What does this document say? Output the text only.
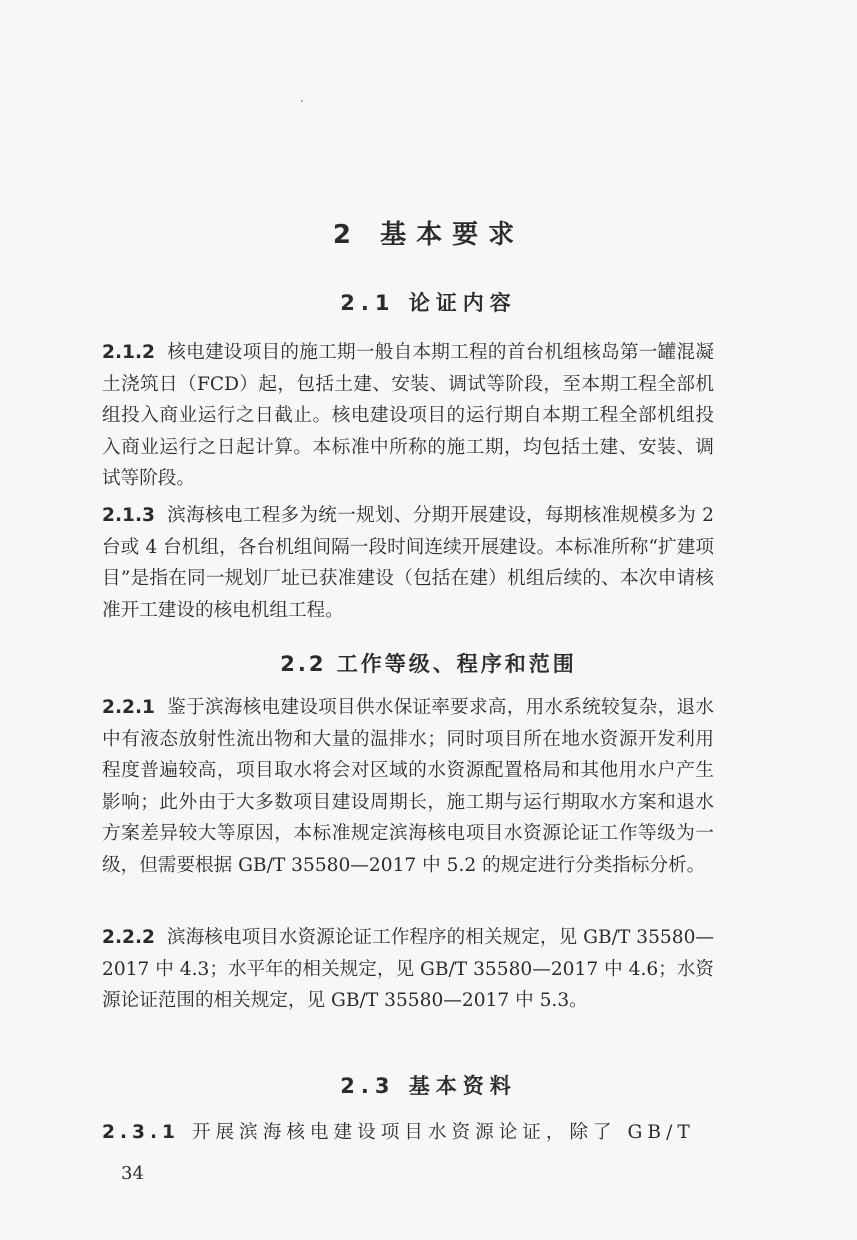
2 基本要求
2.1 论证内容

2.1.2 核电建设项目的施工期一般自本期工程的首台机组核岛第一罐混凝土浇筑日（FCD）起，包括土建、安装、调试等阶段，至本期工程全部机组投入商业运行之日截止。核电建设项目的运行期自本期工程全部机组投入商业运行之日起计算。本标准中所称的施工期，均包括土建、安装、调试等阶段。

2.1.3 滨海核电工程多为统一规划、分期开展建设，每期核准规模多为 2 台或 4 台机组，各台机组间隔一段时间连续开展建设。本标准所称“扩建项目”是指在同一规划厂址已获准建设（包括在建）机组后续的、本次申请核准开工建设的核电机组工程。

2.2 工作等级、程序和范围

2.2.1 鉴于滨海核电建设项目供水保证率要求高，用水系统较复杂，退水中有液态放射性流出物和大量的温排水；同时项目所在地水资源开发利用程度普遍较高，项目取水将会对区域的水资源配置格局和其他用水户产生影响；此外由于大多数项目建设周期长，施工期与运行期取水方案和退水方案差异较大等原因，本标准规定滨海核电项目水资源论证工作等级为一级，但需要根据 GB/T 35580—2017 中 5.2 的规定进行分类指标分析。

2.2.2 滨海核电项目水资源论证工作程序的相关规定，见 GB/T 35580—2017 中 4.3；水平年的相关规定，见 GB/T 35580—2017 中 4.6；水资源论证范围的相关规定，见 GB/T 35580—2017 中 5.3。

2.3 基本资料

2.3.1 开展滨海核电建设项目水资源论证，除了 GB/T

34
